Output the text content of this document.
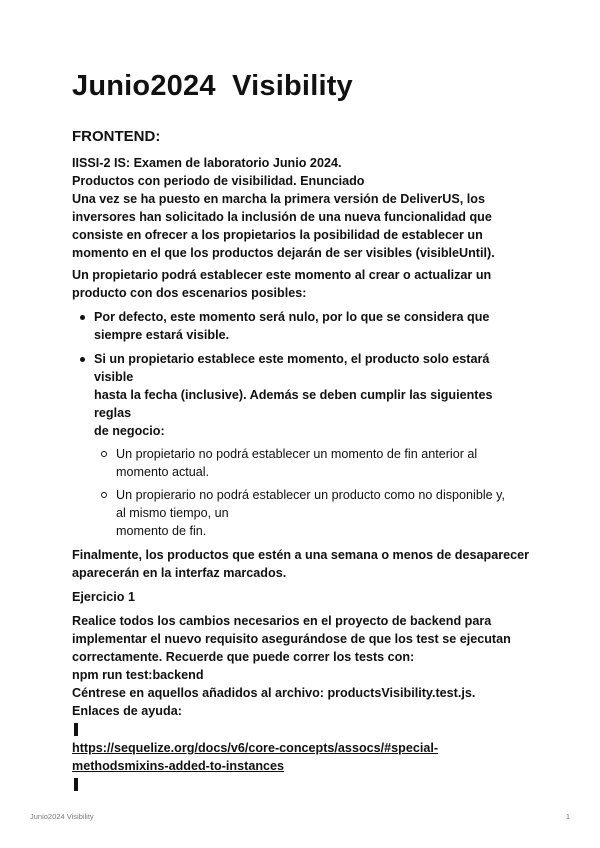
Junio2024  Visibility
FRONTEND:

IISSI-2 IS: Examen de laboratorio Junio 2024.
Productos con periodo de visibilidad. Enunciado
Una vez se ha puesto en marcha la primera versión de DeliverUS, los
inversores han solicitado la inclusión de una nueva funcionalidad que
consiste en ofrecer a los propietarios la posibilidad de establecer un
momento en el que los productos dejarán de ser visibles (visibleUntil).

Un propietario podrá establecer este momento al crear o actualizar un
producto con dos escenarios posibles:

Por defecto, este momento será nulo, por lo que se considera que
siempre estará visible.
Si un propietario establece este momento, el producto solo estará visible
hasta la fecha (inclusive). Además se deben cumplir las siguientes reglas
de negocio:
Un propietario no podrá establecer un momento de fin anterior al
momento actual.
Un propierario no podrá establecer un producto como no disponible y,
al mismo tiempo, un
momento de fin.

Finalmente, los productos que estén a una semana o menos de desaparecer
aparecerán en la interfaz marcados.

Ejercicio 1

Realice todos los cambios necesarios en el proyecto de backend para
implementar el nuevo requisito asegurándose de que los test se ejecutan
correctamente. Recuerde que puede correr los tests con:
npm run test:backend
Céntrese en aquellos añadidos al archivo: productsVisibility.test.js.
Enlaces de ayuda:

https://sequelize.org/docs/v6/core-concepts/assocs/#special-
methodsmixins-added-to-instances
Junio2024 Visibility	1
